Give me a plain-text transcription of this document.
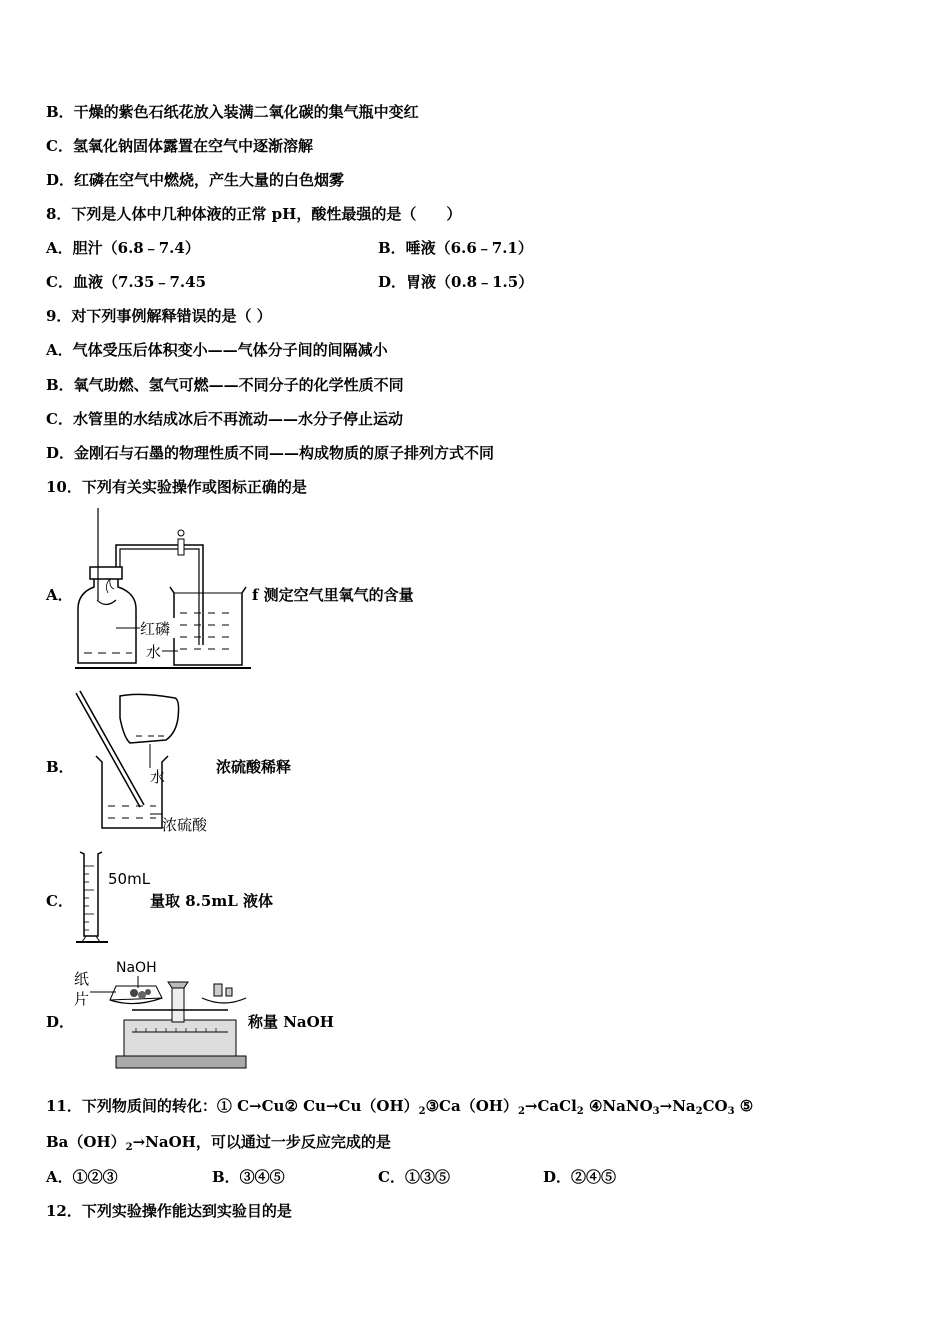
B．干燥的紫色石纸花放入装满二氧化碳的集气瓶中变红
C．氢氧化钠固体露置在空气中逐渐溶解
D．红磷在空气中燃烧，产生大量的白色烟雾
8．下列是人体中几种体液的正常 pH，酸性最强的是（　　）
A．胆汁（6.8﹣7.4）	B．唾液（6.6﹣7.1）
C．血液（7.35﹣7.45	D．胃液（0.8﹣1.5）
9．对下列事例解释错误的是（ ）
A．气体受压后体积变小——气体分子间的间隔减小
B．氧气助燃、氢气可燃——不同分子的化学性质不同
C．水管里的水结成冰后不再流动——水分子停止运动
D．金刚石与石墨的物理性质不同——构成物质的原子排列方式不同
10．下列有关实验操作或图标正确的是
A．
红磷
水
f 测定空气里氧气的含量
B．
水
浓硫酸
浓硫酸稀释
C．
50mL
量取 8.5mL 液体
D．
NaOH
纸
片
称量 NaOH
11．下列物质间的转化：① C→Cu② $Cu\to Cu(OH)_2③Ca(OH)_2\to CaCl_2$ $④NaNO_3\to Na_2CO_3$ ⑤
$Ba(OH)_2\to NaOH$，可以通过一步反应完成的是
A．①②③	B．③④⑤	C．①③⑤	D．②④⑤
12．下列实验操作能达到实验目的是
